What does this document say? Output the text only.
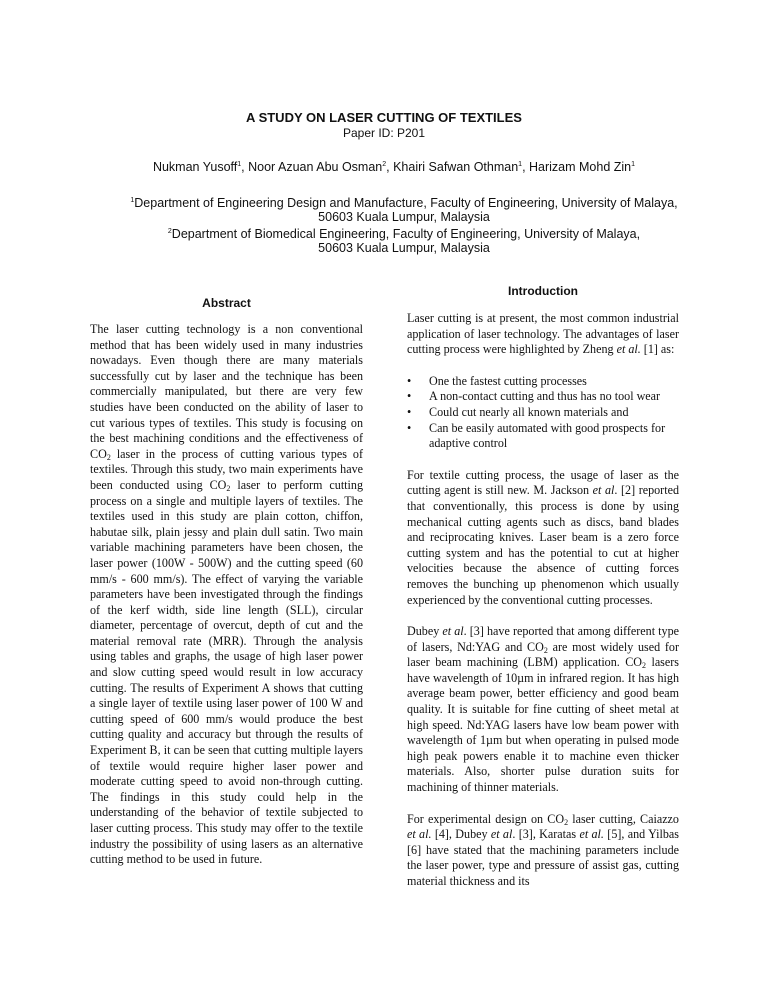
A STUDY ON LASER CUTTING OF TEXTILES
Paper ID: P201
Nukman Yusoff$^1$, Noor Azuan Abu Osman$^2$, Khairi Safwan Othman$^1$, Harizam Mohd Zin$^1$
$^1$Department of Engineering Design and Manufacture, Faculty of Engineering, University of Malaya,
50603 Kuala Lumpur, Malaysia
$^2$Department of Biomedical Engineering, Faculty of Engineering, University of Malaya,
50603 Kuala Lumpur, Malaysia
Abstract
Introduction

The laser cutting technology is a non conventional method that has been widely used in many industries nowadays. Even though there are many materials successfully cut by laser and the technique has been commercially manipulated, but there are very few studies have been conducted on the ability of laser to cut various types of textiles. This study is focusing on the best machining conditions and the effectiveness of $CO_2$ laser in the process of cutting various types of textiles. Through this study, two main experiments have been conducted using $CO_2$ laser to perform cutting process on a single and multiple layers of textiles. The textiles used in this study are plain cotton, chiffon, habutae silk, plain jessy and plain dull satin. Two main variable machining parameters have been chosen, the laser power (100W - 500W) and the cutting speed (60 mm/s - 600 mm/s). The effect of varying the variable parameters have been investigated through the findings of the kerf width, side line length (SLL), circular diameter, percentage of overcut, depth of cut and the material removal rate (MRR). Through the analysis using tables and graphs, the usage of high laser power and slow cutting speed would result in low accuracy cutting. The results of Experiment A shows that cutting a single layer of textile using laser power of 100 W and cutting speed of 600 mm/s would produce the best cutting quality and accuracy but through the results of Experiment B, it can be seen that cutting multiple layers of textile would require higher laser power and moderate cutting speed to avoid non-through cutting. The findings in this study could help in the understanding of the behavior of textile subjected to laser cutting process. This study may offer to the textile industry the possibility of using lasers as an alternative cutting method to be used in future.

Laser cutting is at present, the most common industrial application of laser technology. The advantages of laser cutting process were highlighted by Zheng et al. [1] as:

• One the fastest cutting processes
• A non-contact cutting and thus has no tool wear
• Could cut nearly all known materials and
• Can be easily automated with good prospects for adaptive control

For textile cutting process, the usage of laser as the cutting agent is still new. M. Jackson et al. [2] reported that conventionally, this process is done by using mechanical cutting agents such as discs, band blades and reciprocating knives. Laser beam is a zero force cutting system and has the potential to cut at higher velocities because the absence of cutting forces removes the bunching up phenomenon which usually experienced by the conventional cutting processes.

Dubey et al. [3] have reported that among different type of lasers, Nd:YAG and $CO_2$ are most widely used for laser beam machining (LBM) application. $CO_2$ lasers have wavelength of 10µm in infrared region. It has high average beam power, better efficiency and good beam quality. It is suitable for fine cutting of sheet metal at high speed. Nd:YAG lasers have low beam power with wavelength of 1µm but when operating in pulsed mode high peak powers enable it to machine even thicker materials. Also, shorter pulse duration suits for machining of thinner materials.

For experimental design on $CO_2$ laser cutting, Caiazzo et al. [4], Dubey et al. [3], Karatas et al. [5], and Yilbas [6] have stated that the machining parameters include the laser power, type and pressure of assist gas, cutting material thickness and its
